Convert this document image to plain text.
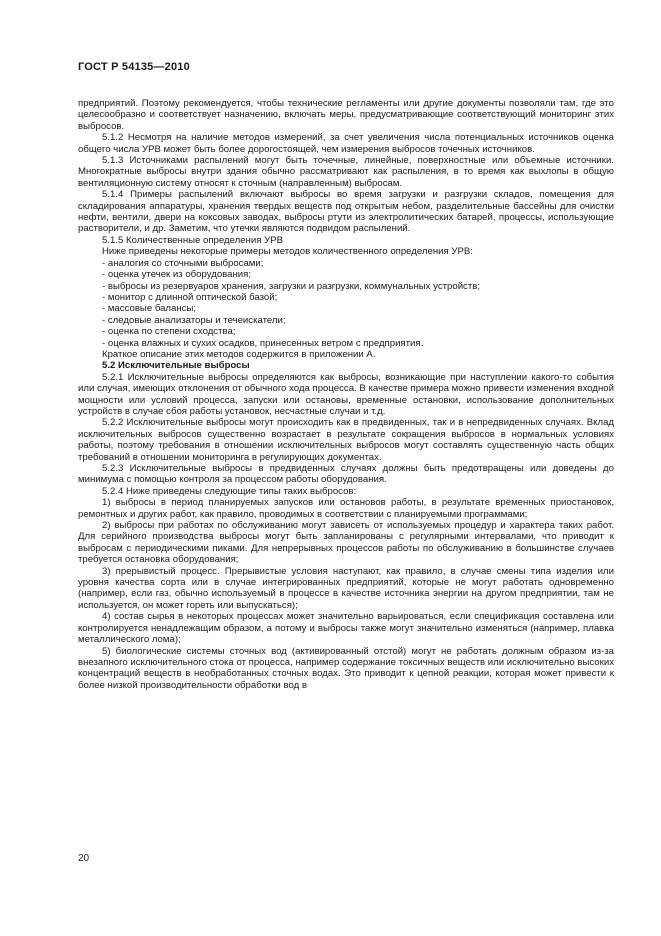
ГОСТ Р 54135—2010

предприятий. Поэтому рекомендуется, чтобы технические регламенты или другие документы позволяли там, где это целесообразно и соответствует назначению, включать меры, предусматривающие соответствующий мониторинг этих выбросов.

5.1.2 Несмотря на наличие методов измерений, за счет увеличения числа потенциальных источников оценка общего числа УРВ может быть более дорогостоящей, чем измерения выбросов точечных источников.

5.1.3 Источниками распылений могут быть точечные, линейные, поверхностные или объемные источники. Многократные выбросы внутри здания обычно рассматривают как распыления, в то время как выхлопы в общую вентиляционную систему относят к сточным (направленным) выбросам.

5.1.4 Примеры распылений включают выбросы во время загрузки и разгрузки складов, помещения для складирования аппаратуры, хранения твердых веществ под открытым небом, разделительные бассейны для очистки нефти, вентили, двери на коксовых заводах, выбросы ртути из электролитических батарей, процессы, использующие растворители, и др. Заметим, что утечки являются подвидом распылений.

5.1.5 Количественные определения УРВ

Ниже приведены некоторые примеры методов количественного определения УРВ:

- аналогия со сточными выбросами;

- оценка утечек из оборудования;

- выбросы из резервуаров хранения, загрузки и разгрузки, коммунальных устройств;

- монитор с длинной оптической базой;

- массовые балансы;

- следовые анализаторы и течеискатели;

- оценка по степени сходства;

- оценка влажных и сухих осадков, принесенных ветром с предприятия.

Краткое описание этих методов содержится в приложении А.

5.2 Исключительные выбросы

5.2.1 Исключительные выбросы определяются как выбросы, возникающие при наступлении какого-то события или случая, имеющих отклонения от обычного хода процесса. В качестве примера можно привести изменения входной мощности или условий процесса, запуски или остановы, временные остановки, использование дополнительных устройств в случае сбоя работы установок, несчастные случаи и т.д.

5.2.2 Исключительные выбросы могут происходить как в предвиденных, так и в непредвиденных случаях. Вклад исключительных выбросов существенно возрастает в результате сокращения выбросов в нормальных условиях работы, поэтому требования в отношении исключительных выбросов могут составлять существенную часть общих требований в отношении мониторинга в регулирующих документах.

5.2.3 Исключительные выбросы в предвиденных случаях должны быть предотвращены или доведены до минимума с помощью контроля за процессом работы оборудования.

5.2.4 Ниже приведены следующие типы таких выбросов:

1) выбросы в период планируемых запусков или остановов работы, в результате временных приостановок, ремонтных и других работ, как правило, проводимых в соответствии с планируемыми программами;

2) выбросы при работах по обслуживанию могут зависеть от используемых процедур и характера таких работ. Для серийного производства выбросы могут быть запланированы с регулярными интервалами, что приводит к выбросам с периодическими пиками. Для непрерывных процессов работы по обслуживанию в большинстве случаев требуется остановка оборудования;

3) прерывистый процесс. Прерывистые условия наступают, как правило, в случае смены типа изделия или уровня качества сорта или в случае интегрированных предприятий, которые не могут работать одновременно (например, если газ, обычно используемый в процессе в качестве источника энергии на другом предприятии, там не используется, он может гореть или выпускаться);

4) состав сырья в некоторых процессах может значительно варьироваться, если спецификация составлена или контролируется ненадлежащим образом, а потому и выбросы также могут значительно изменяться (например, плавка металлического лома);

5) биологические системы сточных вод (активированный отстой) могут не работать должным образом из-за внезапного исключительного стока от процесса, например содержание токсичных веществ или исключительно высоких концентраций веществ в необработанных сточных водах. Это приводит к цепной реакции, которая может привести к более низкой производительности обработки вод в

20
